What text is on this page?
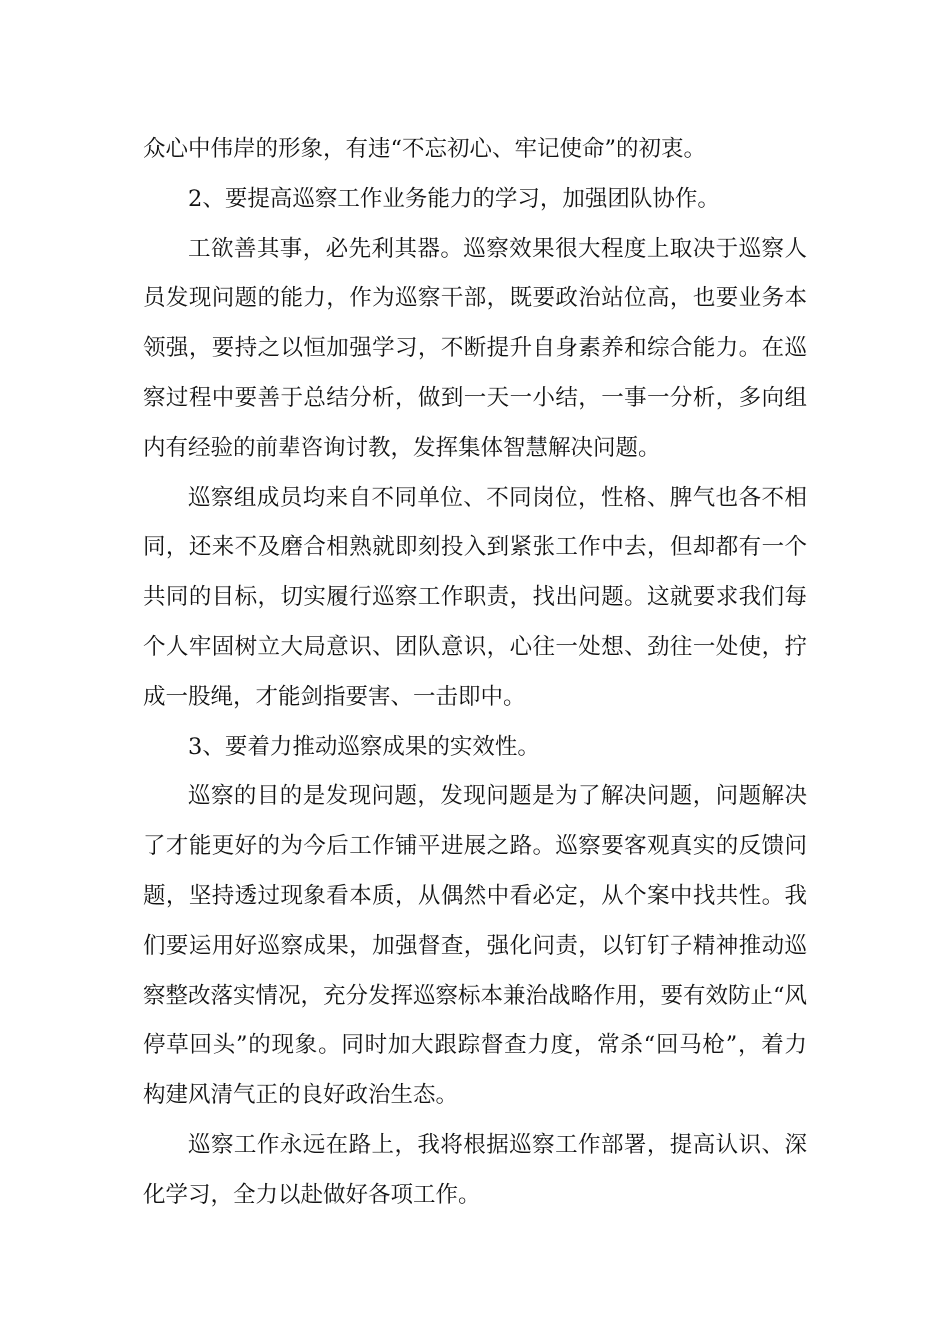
众心中伟岸的形象，有违“不忘初心、牢记使命”的初衷。

2、要提高巡察工作业务能力的学习，加强团队协作。

工欲善其事，必先利其器。巡察效果很大程度上取决于巡察人员发现问题的能力，作为巡察干部，既要政治站位高，也要业务本领强，要持之以恒加强学习，不断提升自身素养和综合能力。在巡察过程中要善于总结分析，做到一天一小结，一事一分析，多向组内有经验的前辈咨询讨教，发挥集体智慧解决问题。

巡察组成员均来自不同单位、不同岗位，性格、脾气也各不相同，还来不及磨合相熟就即刻投入到紧张工作中去，但却都有一个共同的目标，切实履行巡察工作职责，找出问题。这就要求我们每个人牢固树立大局意识、团队意识，心往一处想、劲往一处使，拧成一股绳，才能剑指要害、一击即中。

3、要着力推动巡察成果的实效性。

巡察的目的是发现问题，发现问题是为了解决问题，问题解决了才能更好的为今后工作铺平进展之路。巡察要客观真实的反馈问题，坚持透过现象看本质，从偶然中看必定，从个案中找共性。我们要运用好巡察成果，加强督查，强化问责，以钉钉子精神推动巡察整改落实情况，充分发挥巡察标本兼治战略作用，要有效防止“风停草回头”的现象。同时加大跟踪督查力度，常杀“回马枪”，着力构建风清气正的良好政治生态。

巡察工作永远在路上，我将根据巡察工作部署，提高认识、深化学习，全力以赴做好各项工作。
